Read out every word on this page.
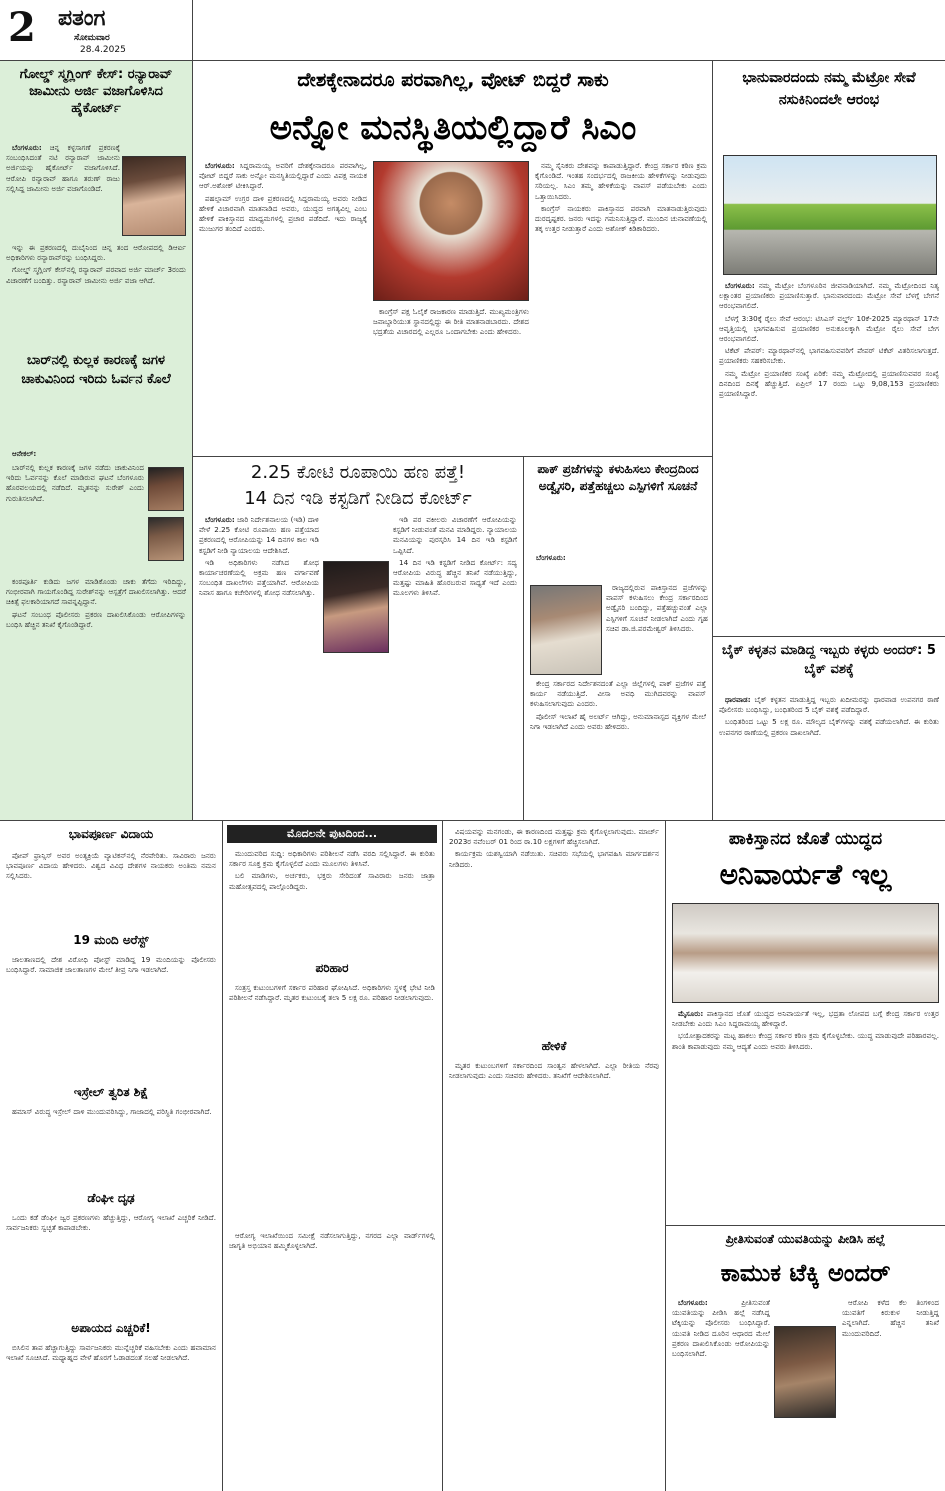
2 ಪತಂಗ
ಸೋಮವಾರ
28.4.2025
ಗೋಲ್ಡ್ ಸ್ಮಗ್ಲಿಂಗ್ ಕೇಸ್: ರನ್ಯಾರಾವ್ ಜಾಮೀನು ಅರ್ಜಿ ವಜಾಗೊಳಿಸಿದ ಹೈಕೋರ್ಟ್

ಬೆಂಗಳೂರು: ಚಿನ್ನ ಕಳ್ಳಸಾಗಣೆ ಪ್ರಕರಣಕ್ಕೆ ಸಂಬಂಧಿಸಿದಂತೆ ನಟಿ ರನ್ಯಾರಾವ್ ಜಾಮೀನು ಅರ್ಜಿಯನ್ನು ಹೈಕೋರ್ಟ್ ವಜಾಗೊಳಿಸಿದೆ. ಆರೋಪಿ ರನ್ಯಾರಾವ್ ಹಾಗೂ ತರುಣ್ ರಾಜು ಸಲ್ಲಿಸಿದ್ದ ಜಾಮೀನು ಅರ್ಜಿ ವಜಾಗೊಂಡಿದೆ.

ಇನ್ನು ಈ ಪ್ರಕರಣದಲ್ಲಿ ದುಬೈನಿಂದ ಚಿನ್ನ ತಂದ ಆರೋಪದಲ್ಲಿ ಡಿಆರ್ಐ ಅಧಿಕಾರಿಗಳು ರನ್ಯಾರಾವ್‌ರನ್ನು ಬಂಧಿಸಿದ್ದರು.

ಗೋಲ್ಡ್ ಸ್ಮಗ್ಲಿಂಗ್ ಕೇಸ್‌ನಲ್ಲಿ ರನ್ಯಾರಾವ್ ಪರವಾದ ಅರ್ಜಿ ಮಾರ್ಚ್ 3ರಂದು ವಿಚಾರಣೆಗೆ ಬಂದಿತ್ತು. ರನ್ಯಾರಾವ್ ಜಾಮೀನು ಅರ್ಜಿ ವಜಾ ಆಗಿದೆ.

ಬಾರ್‌ನಲ್ಲಿ ಕುಲ್ಲಕ ಕಾರಣಕ್ಕೆ ಜಗಳ ಚಾಕುವಿನಿಂದ ಇರಿದು ಓರ್ವನ ಕೊಲೆ

ಆನೇಕಲ್:

ಬಾರ್‌ನಲ್ಲಿ ಕುಲ್ಲಕ ಕಾರಣಕ್ಕೆ ಜಗಳ ನಡೆದು ಚಾಕುವಿನಿಂದ ಇರಿದು ಓರ್ವನನ್ನು ಕೊಲೆ ಮಾಡಿರುವ ಘಟನೆ ಬೆಂಗಳೂರು ಹೊರವಲಯದಲ್ಲಿ ನಡೆದಿದೆ. ಮೃತನನ್ನು ಸುರೇಶ್ ಎಂದು ಗುರುತಿಸಲಾಗಿದೆ.

ಕಂಠಪೂರ್ತಿ ಕುಡಿದು ಜಗಳ ಮಾಡಿಕೊಂಡು ಚಾಕು ತೆಗೆದು ಇರಿದಿದ್ದು, ಗಂಭೀರವಾಗಿ ಗಾಯಗೊಂಡಿದ್ದ ಸುರೇಶ್‌ನನ್ನು ಆಸ್ಪತ್ರೆಗೆ ದಾಖಲಿಸಲಾಗಿತ್ತು. ಆದರೆ ಚಿಕಿತ್ಸೆ ಫಲಕಾರಿಯಾಗದೆ ಸಾವನ್ನಪ್ಪಿದ್ದಾನೆ.

ಘಟನೆ ಸಂಬಂಧ ಪೊಲೀಸರು ಪ್ರಕರಣ ದಾಖಲಿಸಿಕೊಂಡು ಆರೋಪಿಗಳನ್ನು ಬಂಧಿಸಿ ಹೆಚ್ಚಿನ ತನಿಖೆ ಕೈಗೊಂಡಿದ್ದಾರೆ.

ದೇಶಕ್ಕೇನಾದರೂ ಪರವಾಗಿಲ್ಲ, ವೋಟ್ ಬಿದ್ದರೆ ಸಾಕು
ಅನ್ನೋ ಮನಸ್ಥಿತಿಯಲ್ಲಿದ್ದಾರೆ ಸಿಎಂ

ಬೆಂಗಳೂರು: ಸಿದ್ದರಾಮಯ್ಯ ಅವರಿಗೆ ದೇಶಕ್ಕೇನಾದರೂ ಪರವಾಗಿಲ್ಲ, ವೋಟ್ ಬಿದ್ದರೆ ಸಾಕು ಅನ್ನೋ ಮನಸ್ಥಿತಿಯಲ್ಲಿದ್ದಾರೆ ಎಂದು ವಿಪಕ್ಷ ನಾಯಕ ಆರ್.ಅಶೋಕ್ ಟೀಕಿಸಿದ್ದಾರೆ.

ಪಹಲ್ಗಾಮ್ ಉಗ್ರರ ದಾಳಿ ಪ್ರಕರಣದಲ್ಲಿ ಸಿದ್ದರಾಮಯ್ಯ ಅವರು ನೀಡಿದ ಹೇಳಿಕೆ ವಿಚಾರವಾಗಿ ಮಾತನಾಡಿದ ಅವರು, ಯುದ್ಧದ ಅಗತ್ಯವಿಲ್ಲ ಎಂಬ ಹೇಳಿಕೆ ಪಾಕಿಸ್ತಾನದ ಮಾಧ್ಯಮಗಳಲ್ಲಿ ಪ್ರಚಾರ ಪಡೆದಿದೆ. ಇದು ರಾಜ್ಯಕ್ಕೆ ಮುಜುಗರ ತಂದಿದೆ ಎಂದರು.

ಕಾಂಗ್ರೆಸ್ ಪಕ್ಷ ಓಲೈಕೆ ರಾಜಕಾರಣ ಮಾಡುತ್ತಿದೆ. ಮುಖ್ಯಮಂತ್ರಿಗಳು ಜವಾಬ್ದಾರಿಯುತ ಸ್ಥಾನದಲ್ಲಿದ್ದು ಈ ರೀತಿ ಮಾತನಾಡಬಾರದು. ದೇಶದ ಭದ್ರತೆಯ ವಿಚಾರದಲ್ಲಿ ಎಲ್ಲರೂ ಒಂದಾಗಬೇಕು ಎಂದು ಹೇಳಿದರು.

ನಮ್ಮ ಸೈನಿಕರು ದೇಶವನ್ನು ಕಾಪಾಡುತ್ತಿದ್ದಾರೆ. ಕೇಂದ್ರ ಸರ್ಕಾರ ಕಠಿಣ ಕ್ರಮ ಕೈಗೊಂಡಿದೆ. ಇಂತಹ ಸಂದರ್ಭದಲ್ಲಿ ರಾಜಕೀಯ ಹೇಳಿಕೆಗಳನ್ನು ನೀಡುವುದು ಸರಿಯಲ್ಲ. ಸಿಎಂ ತಮ್ಮ ಹೇಳಿಕೆಯನ್ನು ವಾಪಸ್ ಪಡೆಯಬೇಕು ಎಂದು ಒತ್ತಾಯಿಸಿದರು.

ಕಾಂಗ್ರೆಸ್ ನಾಯಕರು ಪಾಕಿಸ್ತಾನದ ಪರವಾಗಿ ಮಾತನಾಡುತ್ತಿರುವುದು ದುರದೃಷ್ಟಕರ. ಜನರು ಇದನ್ನು ಗಮನಿಸುತ್ತಿದ್ದಾರೆ. ಮುಂದಿನ ಚುನಾವಣೆಯಲ್ಲಿ ತಕ್ಕ ಉತ್ತರ ನೀಡುತ್ತಾರೆ ಎಂದು ಅಶೋಕ್ ಕಿಡಿಕಾರಿದರು.

ಭಾನುವಾರದಂದು ನಮ್ಮ ಮೆಟ್ರೋ ಸೇವೆ ನಸುಕಿನಿಂದಲೇ ಆರಂಭ

ಬೆಂಗಳೂರು: ನಮ್ಮ ಮೆಟ್ರೋ ಬೆಂಗಳೂರಿನ ಜೀವನಾಡಿಯಾಗಿದೆ. ನಮ್ಮ ಮೆಟ್ರೋದಿಂದ ನಿತ್ಯ ಲಕ್ಷಾಂತರ ಪ್ರಯಾಣಿಕರು ಪ್ರಯಾಣಿಸುತ್ತಾರೆ. ಭಾನುವಾರದಂದು ಮೆಟ್ರೋ ಸೇವೆ ಬೆಳಗ್ಗೆ ಬೇಗನೆ ಆರಂಭವಾಗಲಿದೆ.

ಬೆಳಗ್ಗೆ 3:30ಕ್ಕೆ ರೈಲು ಸೇವೆ ಆರಂಭ: ಟಿಸಿಎಸ್ ವರ್ಲ್ಡ್ 10ಕೆ-2025 ಮ್ಯಾರಥಾನ್ 17ನೇ ಆವೃತ್ತಿಯಲ್ಲಿ ಭಾಗವಹಿಸುವ ಪ್ರಯಾಣಿಕರ ಅನುಕೂಲಕ್ಕಾಗಿ ಮೆಟ್ರೋ ರೈಲು ಸೇವೆ ಬೇಗ ಆರಂಭವಾಗಲಿದೆ.

ಟಿಕೆಟ್ ಪೇಪರ್: ಮ್ಯಾರಥಾನ್‌ನಲ್ಲಿ ಭಾಗವಹಿಸುವವರಿಗೆ ಪೇಪರ್ ಟಿಕೆಟ್ ವಿತರಿಸಲಾಗುತ್ತದೆ. ಪ್ರಯಾಣಿಕರು ಸಹಕರಿಸಬೇಕು.

ನಮ್ಮ ಮೆಟ್ರೋ ಪ್ರಯಾಣಿಕರ ಸಂಖ್ಯೆ ಏರಿಕೆ: ನಮ್ಮ ಮೆಟ್ರೋದಲ್ಲಿ ಪ್ರಯಾಣಿಸುವವರ ಸಂಖ್ಯೆ ದಿನದಿಂದ ದಿನಕ್ಕೆ ಹೆಚ್ಚುತ್ತಿದೆ. ಏಪ್ರಿಲ್ 17 ರಂದು ಒಟ್ಟು 9,08,153 ಪ್ರಯಾಣಿಕರು ಪ್ರಯಾಣಿಸಿದ್ದಾರೆ.

ಬೈಕ್ ಕಳ್ಳತನ ಮಾಡಿದ್ದ ಇಬ್ಬರು ಕಳ್ಳರು ಅಂದರ್: 5 ಬೈಕ್ ವಶಕ್ಕೆ

ಧಾರವಾಡ: ಬೈಕ್ ಕಳ್ಳತನ ಮಾಡುತ್ತಿದ್ದ ಇಬ್ಬರು ಖದೀಮರನ್ನು ಧಾರವಾಡ ಉಪನಗರ ಠಾಣೆ ಪೊಲೀಸರು ಬಂಧಿಸಿದ್ದು, ಬಂಧಿತರಿಂದ 5 ಬೈಕ್ ವಶಕ್ಕೆ ಪಡೆದಿದ್ದಾರೆ.

ಬಂಧಿತರಿಂದ ಒಟ್ಟು 5 ಲಕ್ಷ ರೂ. ಮೌಲ್ಯದ ಬೈಕ್‌ಗಳನ್ನು ವಶಕ್ಕೆ ಪಡೆಯಲಾಗಿದೆ. ಈ ಕುರಿತು ಉಪನಗರ ಠಾಣೆಯಲ್ಲಿ ಪ್ರಕರಣ ದಾಖಲಾಗಿದೆ.

2.25 ಕೋಟಿ ರೂಪಾಯಿ ಹಣ ಪತ್ತೆ!
14 ದಿನ ಇಡಿ ಕಸ್ಟಡಿಗೆ ನೀಡಿದ ಕೋರ್ಟ್

ಬೆಂಗಳೂರು: ಜಾರಿ ನಿರ್ದೇಶನಾಲಯ (ಇಡಿ) ದಾಳಿ ವೇಳೆ 2.25 ಕೋಟಿ ರೂಪಾಯಿ ಹಣ ಪತ್ತೆಯಾದ ಪ್ರಕರಣದಲ್ಲಿ ಆರೋಪಿಯನ್ನು 14 ದಿನಗಳ ಕಾಲ ಇಡಿ ಕಸ್ಟಡಿಗೆ ನೀಡಿ ನ್ಯಾಯಾಲಯ ಆದೇಶಿಸಿದೆ.

ಇಡಿ ಅಧಿಕಾರಿಗಳು ನಡೆಸಿದ ಶೋಧ ಕಾರ್ಯಾಚರಣೆಯಲ್ಲಿ ಅಕ್ರಮ ಹಣ ವರ್ಗಾವಣೆ ಸಂಬಂಧಿತ ದಾಖಲೆಗಳು ಪತ್ತೆಯಾಗಿವೆ. ಆರೋಪಿಯ ನಿವಾಸ ಹಾಗೂ ಕಚೇರಿಗಳಲ್ಲಿ ಶೋಧ ನಡೆಸಲಾಗಿತ್ತು.

ಇಡಿ ಪರ ವಕೀಲರು ವಿಚಾರಣೆಗೆ ಆರೋಪಿಯನ್ನು ಕಸ್ಟಡಿಗೆ ನೀಡುವಂತೆ ಮನವಿ ಮಾಡಿದ್ದರು. ನ್ಯಾಯಾಲಯ ಮನವಿಯನ್ನು ಪುರಸ್ಕರಿಸಿ 14 ದಿನ ಇಡಿ ಕಸ್ಟಡಿಗೆ ಒಪ್ಪಿಸಿದೆ.

14 ದಿನ ಇಡಿ ಕಸ್ಟಡಿಗೆ ನೀಡಿದ ಕೋರ್ಟ್: ಸದ್ಯ ಆರೋಪಿಯ ವಿರುದ್ಧ ಹೆಚ್ಚಿನ ತನಿಖೆ ನಡೆಯುತ್ತಿದ್ದು, ಮತ್ತಷ್ಟು ಮಾಹಿತಿ ಹೊರಬರುವ ಸಾಧ್ಯತೆ ಇದೆ ಎಂದು ಮೂಲಗಳು ತಿಳಿಸಿವೆ.

ಪಾಕ್ ಪ್ರಜೆಗಳನ್ನು ಕಳುಹಿಸಲು ಕೇಂದ್ರದಿಂದ ಅಡ್ವೈಸರಿ, ಪತ್ತೆಹಚ್ಚಲು ಎಸ್ಪಿಗಳಿಗೆ ಸೂಚನೆ

ಬೆಂಗಳೂರು:

ರಾಜ್ಯದಲ್ಲಿರುವ ಪಾಕಿಸ್ತಾನದ ಪ್ರಜೆಗಳನ್ನು ವಾಪಸ್ ಕಳುಹಿಸಲು ಕೇಂದ್ರ ಸರ್ಕಾರದಿಂದ ಅಡ್ವೈಸರಿ ಬಂದಿದ್ದು, ಪತ್ತೆಹಚ್ಚುವಂತೆ ಎಲ್ಲಾ ಎಸ್ಪಿಗಳಿಗೆ ಸೂಚನೆ ನೀಡಲಾಗಿದೆ ಎಂದು ಗೃಹ ಸಚಿವ ಡಾ.ಜಿ.ಪರಮೇಶ್ವರ್ ತಿಳಿಸಿದರು.

ಕೇಂದ್ರ ಸರ್ಕಾರದ ನಿರ್ದೇಶನದಂತೆ ಎಲ್ಲಾ ಜಿಲ್ಲೆಗಳಲ್ಲಿ ಪಾಕ್ ಪ್ರಜೆಗಳ ಪತ್ತೆ ಕಾರ್ಯ ನಡೆಯುತ್ತಿದೆ. ವೀಸಾ ಅವಧಿ ಮುಗಿದವರನ್ನು ವಾಪಸ್ ಕಳುಹಿಸಲಾಗುವುದು ಎಂದರು.

ಪೊಲೀಸ್ ಇಲಾಖೆ ಹೈ ಅಲರ್ಟ್ ಆಗಿದ್ದು, ಅನುಮಾನಾಸ್ಪದ ವ್ಯಕ್ತಿಗಳ ಮೇಲೆ ನಿಗಾ ಇಡಲಾಗಿದೆ ಎಂದು ಅವರು ಹೇಳಿದರು.

ಭಾವಪೂರ್ಣ ವಿದಾಯ

ಪೋಪ್ ಫ್ರಾನ್ಸಿಸ್ ಅವರ ಅಂತ್ಯಕ್ರಿಯೆ ವ್ಯಾಟಿಕನ್‌ನಲ್ಲಿ ನೆರವೇರಿತು. ಸಾವಿರಾರು ಜನರು ಭಾವಪೂರ್ಣ ವಿದಾಯ ಹೇಳಿದರು. ವಿಶ್ವದ ವಿವಿಧ ದೇಶಗಳ ನಾಯಕರು ಅಂತಿಮ ನಮನ ಸಲ್ಲಿಸಿದರು.

19 ಮಂದಿ ಅರೆಸ್ಟ್

ಜಾಲತಾಣದಲ್ಲಿ ದೇಶ ವಿರೋಧಿ ಪೋಸ್ಟ್ ಮಾಡಿದ್ದ 19 ಮಂದಿಯನ್ನು ಪೊಲೀಸರು ಬಂಧಿಸಿದ್ದಾರೆ. ಸಾಮಾಜಿಕ ಜಾಲತಾಣಗಳ ಮೇಲೆ ತೀವ್ರ ನಿಗಾ ಇಡಲಾಗಿದೆ.

ಇಸ್ರೇಲ್ ತ್ವರಿತ ಶಿಕ್ಷೆ

ಹಮಾಸ್ ವಿರುದ್ಧ ಇಸ್ರೇಲ್ ದಾಳಿ ಮುಂದುವರಿಸಿದ್ದು, ಗಾಜಾದಲ್ಲಿ ಪರಿಸ್ಥಿತಿ ಗಂಭೀರವಾಗಿದೆ.

ಡೆಂಘೀ ದೃಢ

ಒಂದು ಕಡೆ ಡೆಂಘೀ ಜ್ವರ ಪ್ರಕರಣಗಳು ಹೆಚ್ಚುತ್ತಿದ್ದು, ಆರೋಗ್ಯ ಇಲಾಖೆ ಎಚ್ಚರಿಕೆ ನೀಡಿದೆ. ಸಾರ್ವಜನಿಕರು ಸ್ವಚ್ಛತೆ ಕಾಪಾಡಬೇಕು.

ಅಪಾಯದ ಎಚ್ಚರಿಕೆ!

ಬಿಸಿಲಿನ ತಾಪ ಹೆಚ್ಚಾಗುತ್ತಿದ್ದು ಸಾರ್ವಜನಿಕರು ಮುನ್ನೆಚ್ಚರಿಕೆ ವಹಿಸಬೇಕು ಎಂದು ಹವಾಮಾನ ಇಲಾಖೆ ಸೂಚಿಸಿದೆ. ಮಧ್ಯಾಹ್ನದ ವೇಳೆ ಹೊರಗೆ ಓಡಾಡದಂತೆ ಸಲಹೆ ನೀಡಲಾಗಿದೆ.

ಮೊದಲನೇ ಪುಟದಿಂದ...

ಮುಂದುವರಿದ ಸುದ್ದಿ: ಅಧಿಕಾರಿಗಳು ಪರಿಶೀಲನೆ ನಡೆಸಿ ವರದಿ ಸಲ್ಲಿಸಿದ್ದಾರೆ. ಈ ಕುರಿತು ಸರ್ಕಾರ ಸೂಕ್ತ ಕ್ರಮ ಕೈಗೊಳ್ಳಲಿದೆ ಎಂದು ಮೂಲಗಳು ತಿಳಿಸಿವೆ.

ಬಲಿ ಮಾಡಿಗಳು, ಅರ್ಚಕರು, ಭಕ್ತರು ಸೇರಿದಂತೆ ಸಾವಿರಾರು ಜನರು ಜಾತ್ರಾ ಮಹೋತ್ಸವದಲ್ಲಿ ಪಾಲ್ಗೊಂಡಿದ್ದರು.

ಪರಿಹಾರ

ಸಂತ್ರಸ್ತ ಕುಟುಂಬಗಳಿಗೆ ಸರ್ಕಾರ ಪರಿಹಾರ ಘೋಷಿಸಿದೆ. ಅಧಿಕಾರಿಗಳು ಸ್ಥಳಕ್ಕೆ ಭೇಟಿ ನೀಡಿ ಪರಿಶೀಲನೆ ನಡೆಸಿದ್ದಾರೆ. ಮೃತರ ಕುಟುಂಬಕ್ಕೆ ತಲಾ 5 ಲಕ್ಷ ರೂ. ಪರಿಹಾರ ನೀಡಲಾಗುವುದು.

ಆರೋಗ್ಯ ಇಲಾಖೆಯಿಂದ ಸಮೀಕ್ಷೆ ನಡೆಸಲಾಗುತ್ತಿದ್ದು, ನಗರದ ಎಲ್ಲಾ ವಾರ್ಡ್‌ಗಳಲ್ಲಿ ಜಾಗೃತಿ ಅಭಿಯಾನ ಹಮ್ಮಿಕೊಳ್ಳಲಾಗಿದೆ.

ವಿಷಯವನ್ನು ಮನಗಂಡು, ಈ ಕಾರಣದಿಂದ ಮತ್ತಷ್ಟು ಕ್ರಮ ಕೈಗೊಳ್ಳಲಾಗುವುದು. ಮಾರ್ಚ್ 2023ರ ನವೆಂಬರ್ 01 ರಿಂದ ಠಾ.10 ಲಕ್ಷಗಳಿಗೆ ಹೆಚ್ಚಿಸಲಾಗಿದೆ.

ಕಾರ್ಯಕ್ರಮ ಯಶಸ್ವಿಯಾಗಿ ನಡೆಯಿತು. ಸಚಿವರು ಸಭೆಯಲ್ಲಿ ಭಾಗವಹಿಸಿ ಮಾರ್ಗದರ್ಶನ ನೀಡಿದರು.

ಹೇಳಿಕೆ

ಮೃತರ ಕುಟುಂಬಗಳಿಗೆ ಸರ್ಕಾರದಿಂದ ಸಾಂತ್ವನ ಹೇಳಲಾಗಿದೆ. ಎಲ್ಲಾ ರೀತಿಯ ನೆರವು ನೀಡಲಾಗುವುದು ಎಂದು ಸಚಿವರು ಹೇಳಿದರು. ತನಿಖೆಗೆ ಆದೇಶಿಸಲಾಗಿದೆ.

ಪಾಕಿಸ್ತಾನದ ಜೊತೆ ಯುದ್ಧದ
ಅನಿವಾರ್ಯತೆ ಇಲ್ಲ

ಮೈಸೂರು: ಪಾಕಿಸ್ತಾನದ ಜೊತೆ ಯುದ್ಧದ ಅನಿವಾರ್ಯತೆ ಇಲ್ಲ, ಭದ್ರತಾ ಲೋಪದ ಬಗ್ಗೆ ಕೇಂದ್ರ ಸರ್ಕಾರ ಉತ್ತರ ನೀಡಬೇಕು ಎಂದು ಸಿಎಂ ಸಿದ್ದರಾಮಯ್ಯ ಹೇಳಿದ್ದಾರೆ.

ಭಯೋತ್ಪಾದಕರನ್ನು ಮಟ್ಟ ಹಾಕಲು ಕೇಂದ್ರ ಸರ್ಕಾರ ಕಠಿಣ ಕ್ರಮ ಕೈಗೊಳ್ಳಬೇಕು. ಯುದ್ಧ ಮಾಡುವುದೇ ಪರಿಹಾರವಲ್ಲ. ಶಾಂತಿ ಕಾಪಾಡುವುದು ನಮ್ಮ ಆದ್ಯತೆ ಎಂದು ಅವರು ತಿಳಿಸಿದರು.

ಪ್ರೀತಿಸುವಂತೆ ಯುವತಿಯನ್ನು ಪೀಡಿಸಿ ಹಲ್ಲೆ
ಕಾಮುಕ ಟೆಕ್ಕಿ ಅಂದರ್

ಬೆಂಗಳೂರು:	ಪ್ರೀತಿಸುವಂತೆ ಯುವತಿಯನ್ನು ಪೀಡಿಸಿ ಹಲ್ಲೆ ನಡೆಸಿದ್ದ ಟೆಕ್ಕಿಯನ್ನು ಪೊಲೀಸರು ಬಂಧಿಸಿದ್ದಾರೆ. ಯುವತಿ ನೀಡಿದ ದೂರಿನ ಆಧಾರದ ಮೇಲೆ ಪ್ರಕರಣ ದಾಖಲಿಸಿಕೊಂಡು ಆರೋಪಿಯನ್ನು ಬಂಧಿಸಲಾಗಿದೆ.

ಆರೋಪಿ ಕಳೆದ ಕೆಲ ತಿಂಗಳಿಂದ ಯುವತಿಗೆ ಕಿರುಕುಳ ನೀಡುತ್ತಿದ್ದ ಎನ್ನಲಾಗಿದೆ. ಹೆಚ್ಚಿನ ತನಿಖೆ ಮುಂದುವರಿದಿದೆ.
